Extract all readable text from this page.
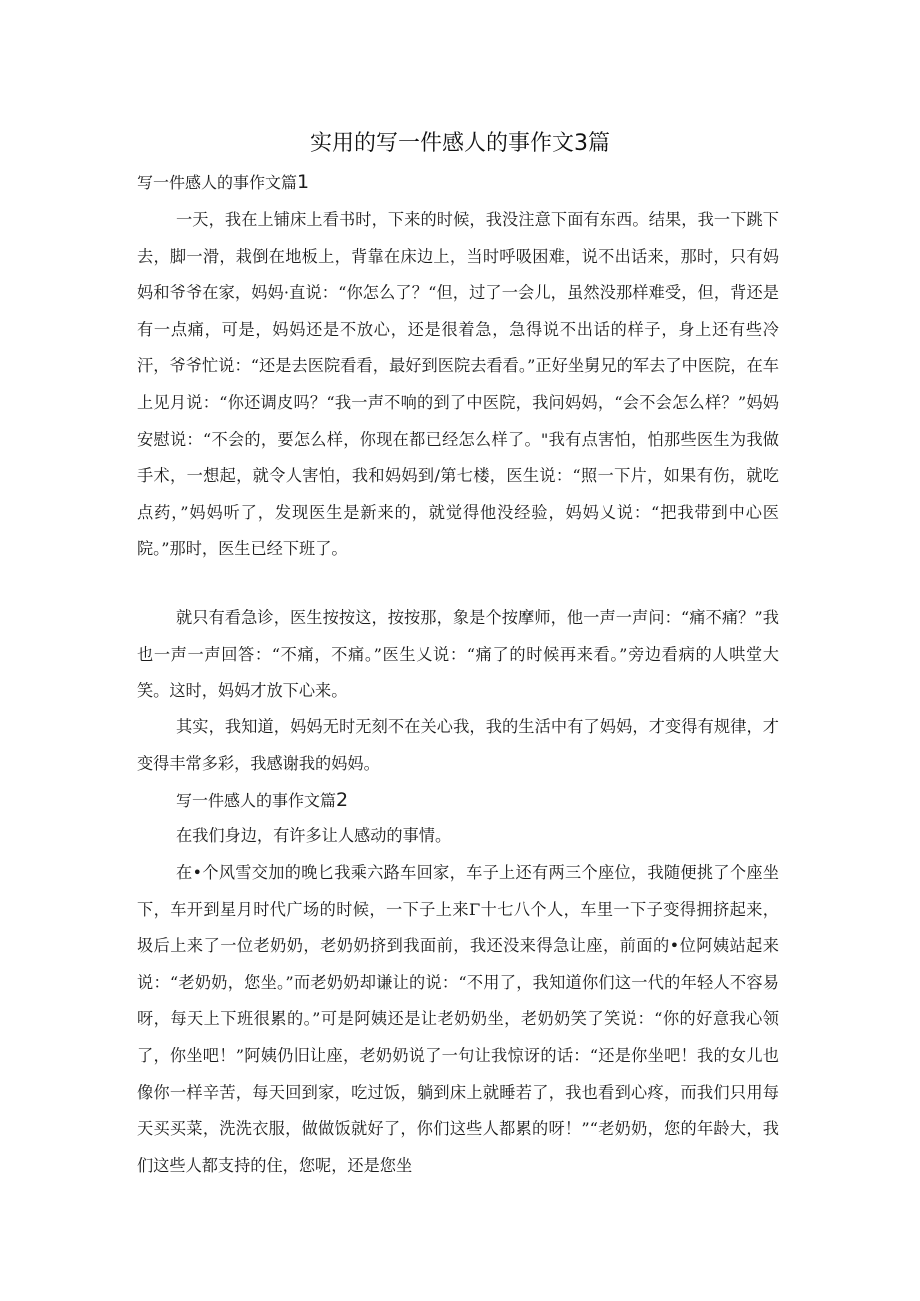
实用的写一件感人的事作文3篇
写一件感人的事作文篇1

一天，我在上铺床上看书时，下来的时候，我没注意下面有东西。结果，我一下跳下去，脚一滑，栽倒在地板上，背靠在床边上，当时呼吸困难，说不出话来，那时，只有妈妈和爷爷在家，妈妈·直说：“你怎么了？“但，过了一会儿，虽然没那样难受，但，背还是有一点痛，可是，妈妈还是不放心，还是很着急，急得说不出话的样子，身上还有些冷汗，爷爷忙说：“还是去医院看看，最好到医院去看看。”正好坐舅兄的军去了中医院，在车上见月说：“你还调皮吗？“我一声不响的到了中医院，我问妈妈，“会不会怎么样？”妈妈安慰说：“不会的，要怎么样，你现在都已经怎么样了。"我有点害怕，怕那些医生为我做手术，一想起，就令人害怕，我和妈妈到/第七楼，医生说：“照一下片，如果有伤，就吃点药，”妈妈听了，发现医生是新来的，就觉得他没经验，妈妈乂说：“把我带到中心医院。”那时，医生已经下班了。

就只有看急诊，医生按按这，按按那，象是个按摩师，他一声一声问：“痛不痛？”我也一声一声回答：“不痛，不痛。”医生乂说：“痛了的时候再来看。”旁边看病的人哄堂大笑。这时，妈妈才放下心来。

其实，我知道，妈妈无时无刻不在关心我，我的生活中有了妈妈，才变得有规律，才变得丰常多彩，我感谢我的妈妈。

写一件感人的事作文篇2

在我们身边，有许多让人感动的事情。

在•个风雪交加的晚匕我乘六路车回家，车子上还有两三个座位，我随便挑了个座坐下，车开到星月时代广场的时候，一下子上来Γ十七八个人，车里一下子变得拥挤起来，圾后上来了一位老奶奶，老奶奶挤到我面前，我还没来得急让座，前面的•位阿姨站起来说：“老奶奶，您坐。”而老奶奶却谦让的说：“不用了，我知道你们这一代的年轻人不容易呀，每天上下班很累的。”可是阿姨还是让老奶奶坐，老奶奶笑了笑说：“你的好意我心领了，你坐吧！”阿姨仍旧让座，老奶奶说了一句让我惊讶的话：“还是你坐吧！我的女儿也像你一样辛苦，每天回到家，吃过饭，躺到床上就睡若了，我也看到心疼，而我们只用每天买买菜，洗洗衣服，做做饭就好了，你们这些人都累的呀！”“老奶奶，您的年龄大，我们这些人都支持的住，您呢，还是您坐
